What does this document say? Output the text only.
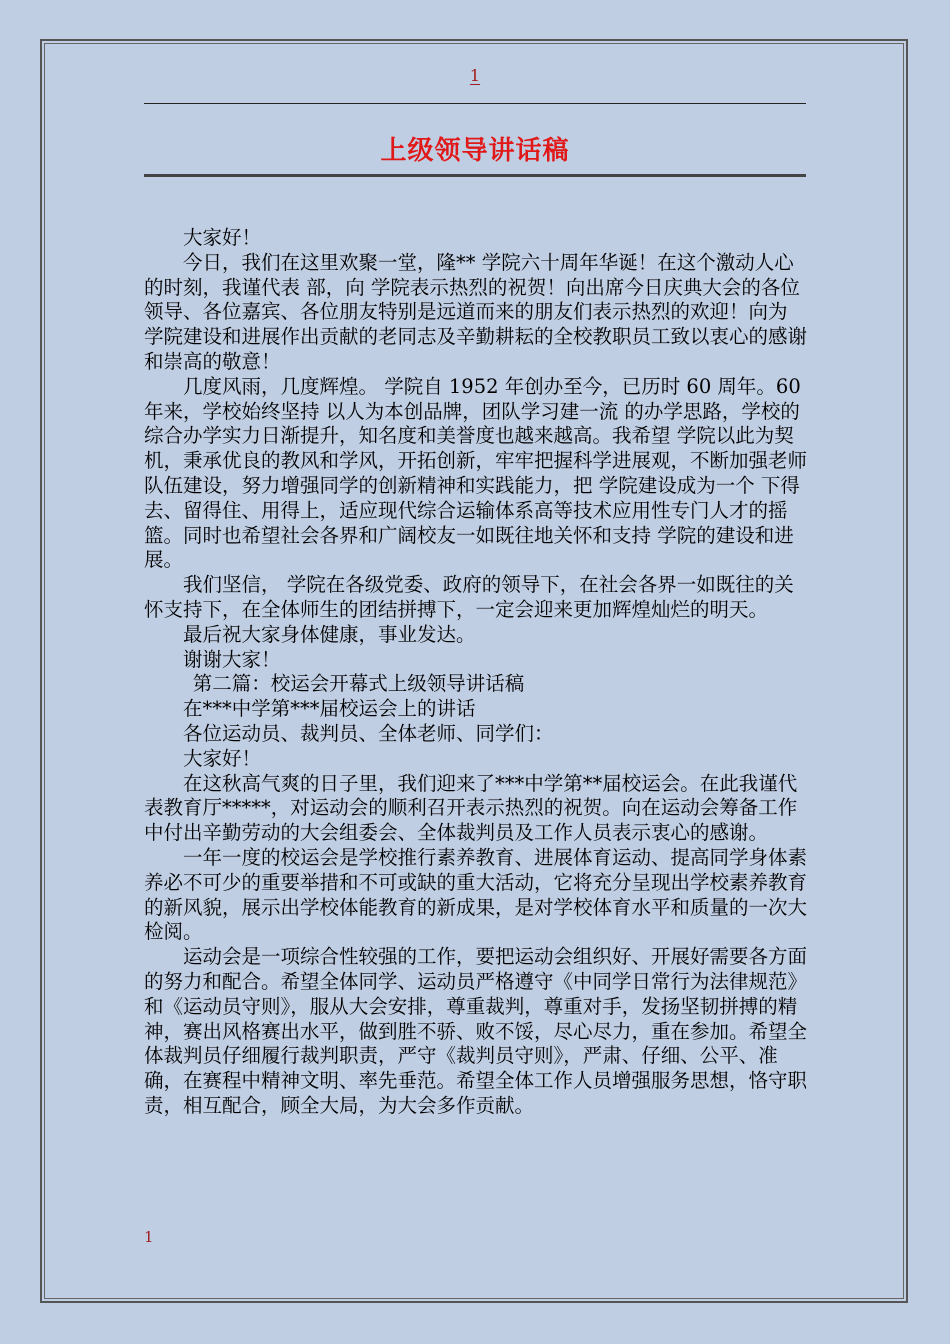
1
上级领导讲话稿

大家好！

今日，我们在这里欢聚一堂，隆** 学院六十周年华诞！在这个激动人心的时刻，我谨代表 部，向 学院表示热烈的祝贺！向出席今日庆典大会的各位领导、各位嘉宾、各位朋友特别是远道而来的朋友们表示热烈的欢迎！向为 学院建设和进展作出贡献的老同志及辛勤耕耘的全校教职员工致以衷心的感谢和崇高的敬意！

几度风雨，几度辉煌。 学院自 1952 年创办至今，已历时 60 周年。60 年来，学校始终坚持 以人为本创品牌，团队学习建一流 的办学思路，学校的综合办学实力日渐提升，知名度和美誉度也越来越高。我希望 学院以此为契机，秉承优良的教风和学风，开拓创新，牢牢把握科学进展观，不断加强老师队伍建设，努力增强同学的创新精神和实践能力，把 学院建设成为一个 下得去、留得住、用得上，适应现代综合运输体系高等技术应用性专门人才的摇篮。同时也希望社会各界和广阔校友一如既往地关怀和支持 学院的建设和进展。

我们坚信， 学院在各级党委、政府的领导下，在社会各界一如既往的关怀支持下，在全体师生的团结拼搏下，一定会迎来更加辉煌灿烂的明天。

最后祝大家身体健康，事业发达。

谢谢大家！

第二篇：校运会开幕式上级领导讲话稿

在***中学第***届校运会上的讲话

各位运动员、裁判员、全体老师、同学们：

大家好！

在这秋高气爽的日子里，我们迎来了***中学第**届校运会。在此我谨代表教育厅*****，对运动会的顺利召开表示热烈的祝贺。向在运动会筹备工作中付出辛勤劳动的大会组委会、全体裁判员及工作人员表示衷心的感谢。

一年一度的校运会是学校推行素养教育、进展体育运动、提高同学身体素养必不可少的重要举措和不可或缺的重大活动，它将充分呈现出学校素养教育的新风貌，展示出学校体能教育的新成果，是对学校体育水平和质量的一次大检阅。

运动会是一项综合性较强的工作，要把运动会组织好、开展好需要各方面的努力和配合。希望全体同学、运动员严格遵守《中同学日常行为法律规范》和《运动员守则》，服从大会安排，尊重裁判，尊重对手，发扬坚韧拼搏的精神，赛出风格赛出水平，做到胜不骄、败不馁，尽心尽力，重在参加。希望全体裁判员仔细履行裁判职责，严守《裁判员守则》，严肃、仔细、公平、准确，在赛程中精神文明、率先垂范。希望全体工作人员增强服务思想，恪守职责，相互配合，顾全大局，为大会多作贡献。

1
